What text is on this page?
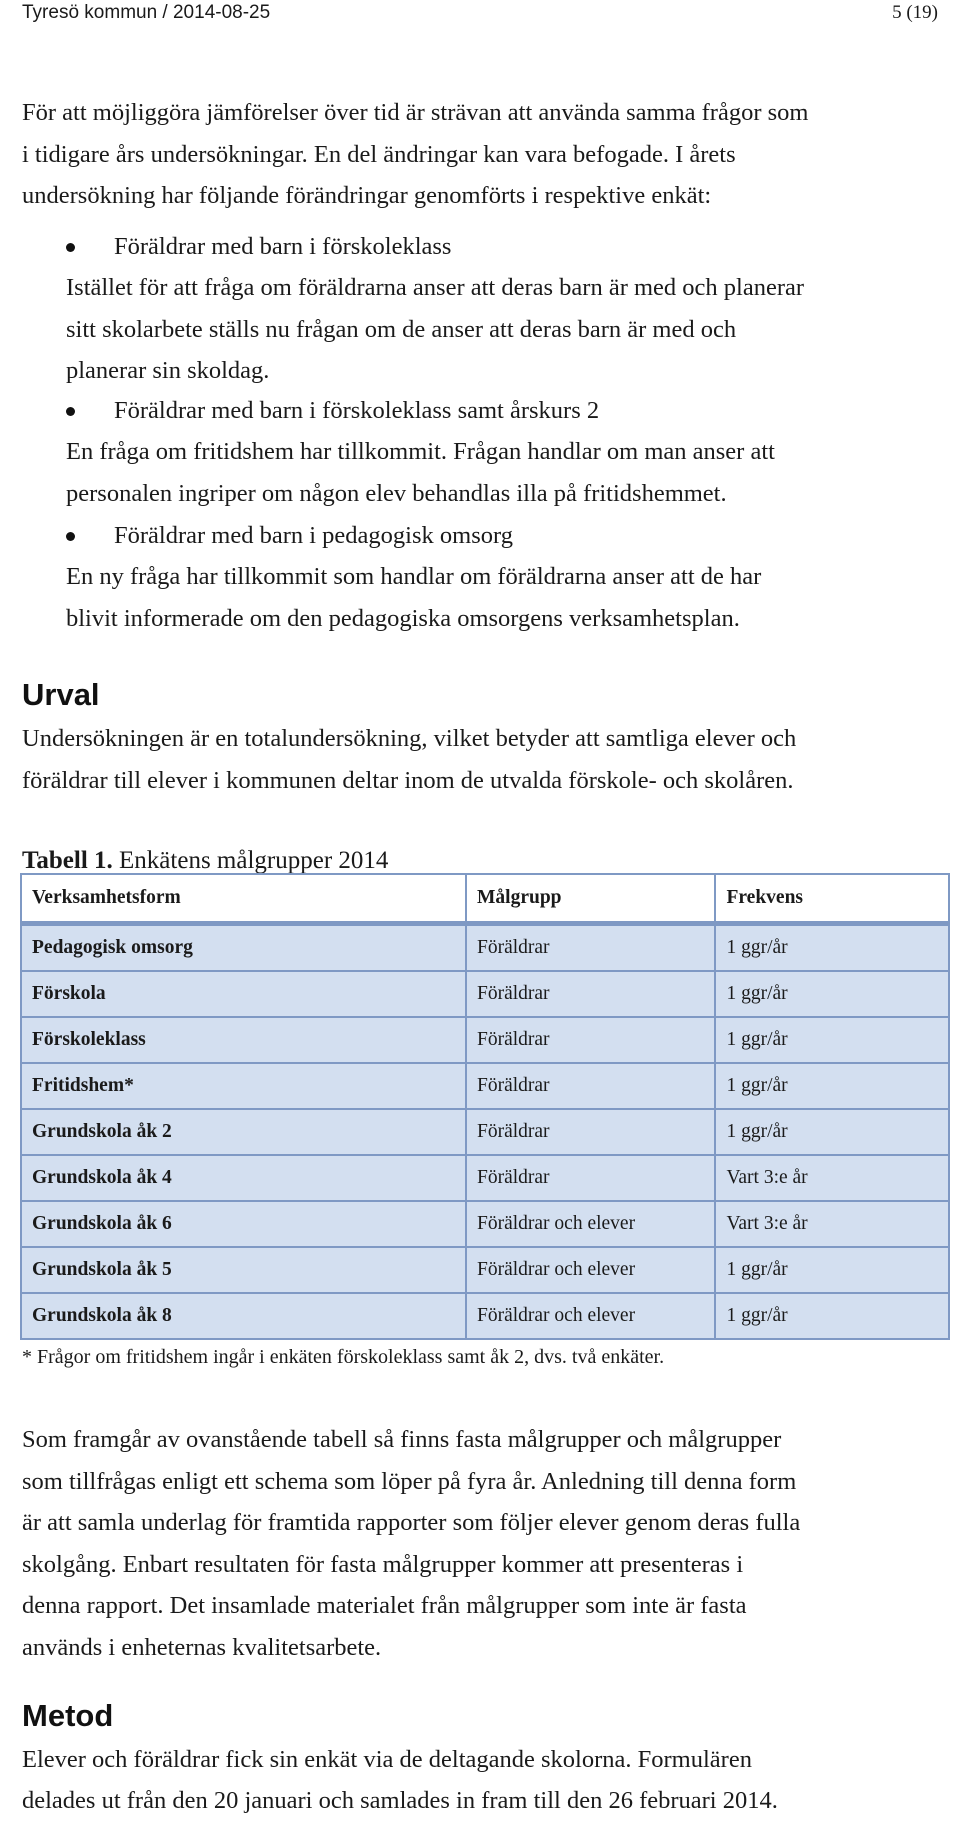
Tyresö kommun / 2014-08-25	5 (19)
För att möjliggöra jämförelser över tid är strävan att använda samma frågor som
i tidigare års undersökningar. En del ändringar kan vara befogade. I årets
undersökning har följande förändringar genomförts i respektive enkät:
Föräldrar med barn i förskoleklass
Istället för att fråga om föräldrarna anser att deras barn är med och planerar
sitt skolarbete ställs nu frågan om de anser att deras barn är med och
planerar sin skoldag.
Föräldrar med barn i förskoleklass samt årskurs 2
En fråga om fritidshem har tillkommit. Frågan handlar om man anser att
personalen ingriper om någon elev behandlas illa på fritidshemmet.
Föräldrar med barn i pedagogisk omsorg
En ny fråga har tillkommit som handlar om föräldrarna anser att de har
blivit informerade om den pedagogiska omsorgens verksamhetsplan.
Urval
Undersökningen är en totalundersökning, vilket betyder att samtliga elever och
föräldrar till elever i kommunen deltar inom de utvalda förskole- och skolåren.
Tabell 1. Enkätens målgrupper 2014
Verksamhetsform	Målgrupp	Frekvens
Pedagogisk omsorg	Föräldrar	1 ggr/år
Förskola	Föräldrar	1 ggr/år
Förskoleklass	Föräldrar	1 ggr/år
Fritidshem*	Föräldrar	1 ggr/år
Grundskola åk 2	Föräldrar	1 ggr/år
Grundskola åk 4	Föräldrar	Vart 3:e år
Grundskola åk 6	Föräldrar och elever	Vart 3:e år
Grundskola åk 5	Föräldrar och elever	1 ggr/år
Grundskola åk 8	Föräldrar och elever	1 ggr/år
* Frågor om fritidshem ingår i enkäten förskoleklass samt åk 2, dvs. två enkäter.
Som framgår av ovanstående tabell så finns fasta målgrupper och målgrupper
som tillfrågas enligt ett schema som löper på fyra år. Anledning till denna form
är att samla underlag för framtida rapporter som följer elever genom deras fulla
skolgång. Enbart resultaten för fasta målgrupper kommer att presenteras i
denna rapport. Det insamlade materialet från målgrupper som inte är fasta
används i enheternas kvalitetsarbete.
Metod
Elever och föräldrar fick sin enkät via de deltagande skolorna. Formulären
delades ut från den 20 januari och samlades in fram till den 26 februari 2014.
